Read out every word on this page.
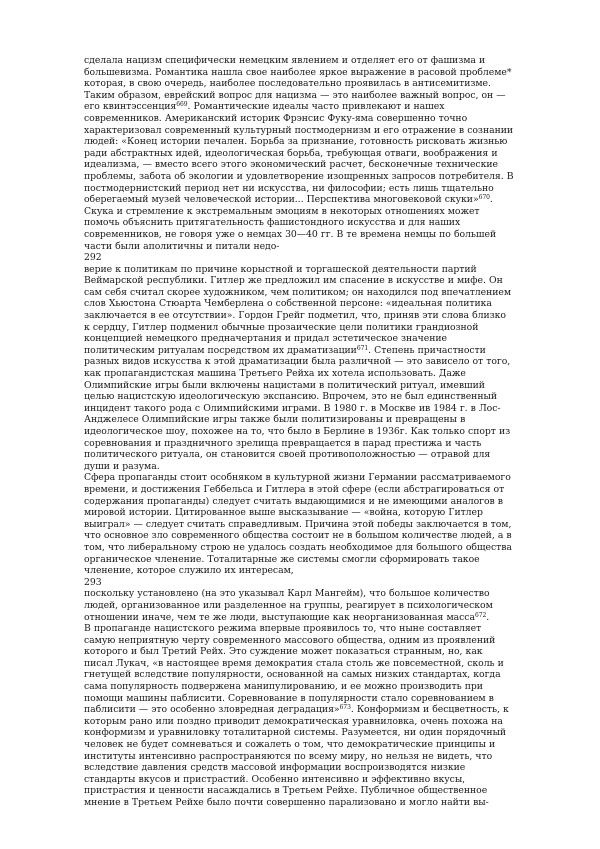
сделала нацизм специфически немецким явлением и отделяет его от фашизма и большевизма. Романтика нашла свое наиболее яркое выражение в расовой проблеме* которая, в свою очередь, наиболее последовательно проявилась в антисемитизме. Таким образом, еврейский вопрос для нацизма — это наиболее важный вопрос, он — его квинтэссенция$^{669}$. Романтические идеалы часто привлекают и нашех современников. Американский историк Фрэнсис Фуку-яма совершенно точно характеризовал современный культурный постмодернизм и его отражение в сознании людей: «Конец истории печален. Борьба за признание, готовность рисковать жизнью ради абстрактных идей, идеологическая борьба, требующая отваги, воображения и идеализма, — вместо всего этого экономический расчет, бесконечные технические проблемы, забота об экологии и удовлетворение изощренных запросов потребителя. В постмодернистский период нет ни искусства, ни философии; есть лишь тщательно оберегаемый музей человеческой истории... Перспектива многовековой скуки»$^{670}$. Скука и стремление к экстремальным эмоциям в некоторых отношениях может помочь объяснить притягательность фашистондного искусства и для наших современников, не говоря уже о немцах 30—40 гг. В те времена немцы по большей части были аполитичны и питали недо-

292

верие к политикам по причине корыстной и торгашеской деятельности партий Веймарской республики. Гитлер же предложил им спасение в искусстве и мифе. Он сам себя считал скорее художником, чем политиком; он находился под впечатлением слов Хьюстона Стюарта Чемберлена о собственной персоне: «идеальная политика заключается в ее отсутствии». Гордон Грейг подметил, что, приняв эти слова близко к сердцу, Гитлер подменил обычные прозаические цели политики грандиозной концепцией немецкого предначертания и придал эстетическое значение политическим ритуалам посредством их драматизации$^{671}$. Степень причастности разных видов искусства к этой драматизации была различной — это зависело от того, как пропагандистская машина Третьего Рейха их хотела использовать. Даже Олимпийские игры были включены нацистами в политический ритуал, имевший целью нацистскую идеологическую экспансию. Впрочем, это не был единственный инцидент такого рода с Олимпийскими играми. В 1980 г. в Москве ив 1984 г. в Лос-Анджелесе Олимпийские игры также были политизированы и превращены в идеологическое шоу, похожее на то, что было в Берлине в 1936г. Как только спорт из соревнования и праздничного зрелища превращается в парад престижа и часть политического ритуала, он становится своей противоположностью — отравой для души и разума.

Сфера пропаганды стоит особняком в культурной жизни Германии рассматриваемого времени, и достижения Геббельса и Гитлера в этой сфере (если абстрагироваться от содержания пропаганды) следует считать выдающимися и не имеющими аналогов в мировой истории. Цитированное выше высказывание — «война, которую Гитлер выиграл» — следует считать справедливым. Причина этой победы заключается в том, что основное зло современного общества состоит не в большом количестве людей, а в том, что либеральному строю не удалось создать необходимое для большого общества органическое членение. Тоталитарные же системы смогли сформировать такое членение, которое служило их интересам,

293

поскольку установлено (на это указывал Карл Мангейм), что большое количество людей, организованное или разделенное на группы, реагирует в психологическом отношении иначе, чем те же люди, выступающие как неорганизованная масса$^{672}$.

В пропаганде нацистского режима впервые проявилось то, что ныне составляет самую неприятную черту современного массового общества, одним из проявлений которого и был Третий Рейх. Это суждение может показаться странным, но, как писал Лукач, «в настоящее время демократия стала столь же повсеместной, сколь и гнетущей вследствие популярности, основанной на самых низких стандартах, когда сама популярность подвержена манипулированию, и ее можно производить при помощи машины паблисити. Соревнование в популярности стало соревнованием в паблисити — это особенно зловредная деградация»$^{673}$. Конформизм и бесцветность, к которым рано или поздно приводит демократическая уравниловка, очень похожа на конформизм и уравниловку тоталитарной системы. Разумеется, ни один порядочный человек не будет сомневаться и сожалеть о том, что демократические принципы и институты интенсивно распространяются по всему миру, но нельзя не видеть, что вследствие давления средств массовой информации воспроизводятся низкие стандарты вкусов и пристрастий. Особенно интенсивно и эффективно вкусы, пристрастия и ценности насаждались в Третьем Рейхе. Публичное общественное мнение в Третьем Рейхе было почти совершенно парализовано и могло найти вы-
